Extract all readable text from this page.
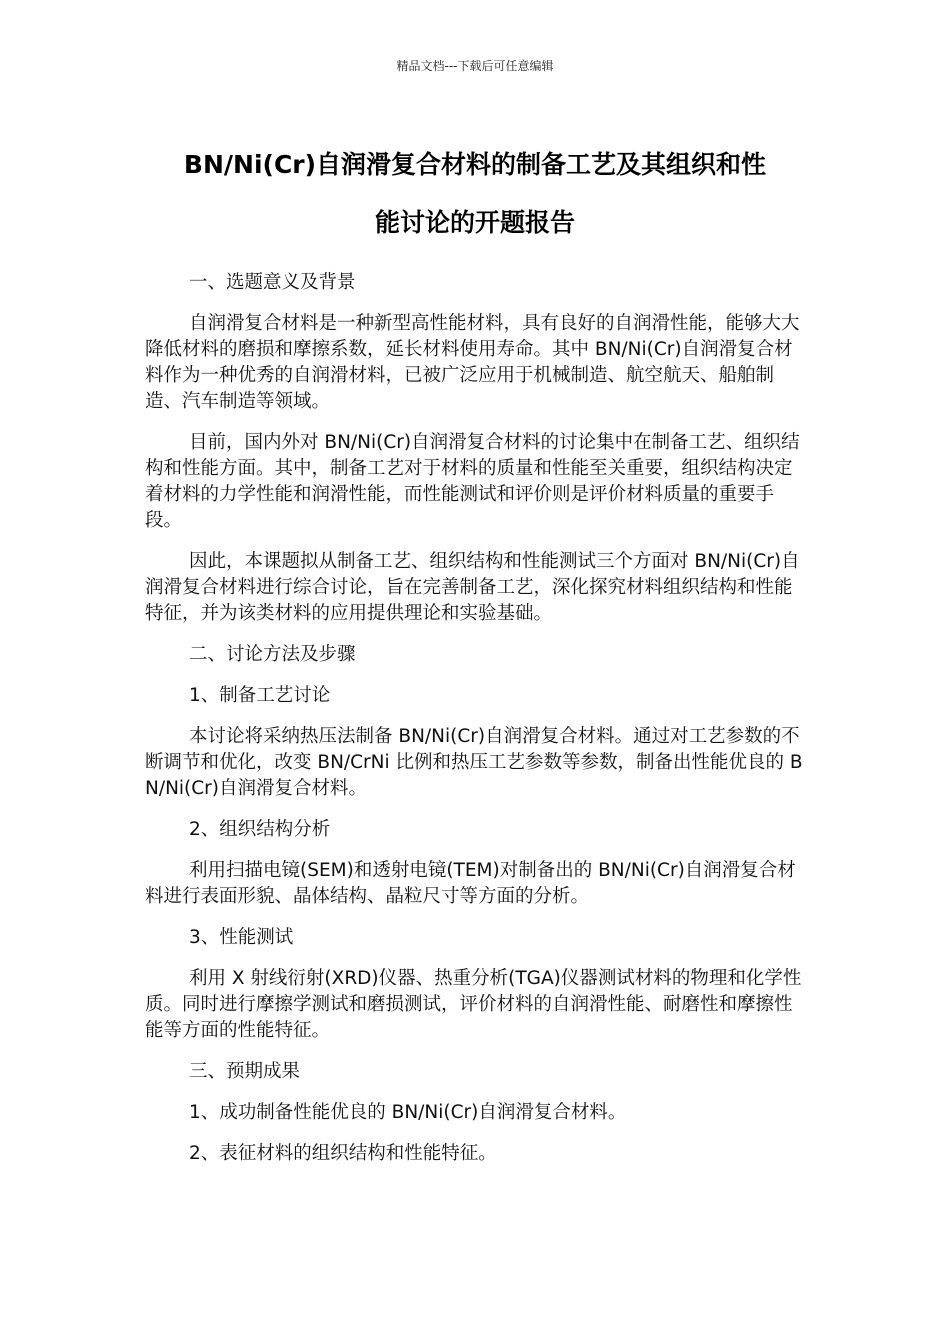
精品文档---下载后可任意编辑
BN/Ni(Cr)自润滑复合材料的制备工艺及其组织和性
能讨论的开题报告

一、选题意义及背景

自润滑复合材料是一种新型高性能材料，具有良好的自润滑性能，能够大大降低材料的磨损和摩擦系数，延长材料使用寿命。其中 BN/Ni(Cr)自润滑复合材料作为一种优秀的自润滑材料，已被广泛应用于机械制造、航空航天、船舶制造、汽车制造等领域。

目前，国内外对 BN/Ni(Cr)自润滑复合材料的讨论集中在制备工艺、组织结构和性能方面。其中，制备工艺对于材料的质量和性能至关重要，组织结构决定着材料的力学性能和润滑性能，而性能测试和评价则是评价材料质量的重要手段。

因此，本课题拟从制备工艺、组织结构和性能测试三个方面对 BN/Ni(Cr)自润滑复合材料进行综合讨论，旨在完善制备工艺，深化探究材料组织结构和性能特征，并为该类材料的应用提供理论和实验基础。

二、讨论方法及步骤

1、制备工艺讨论

本讨论将采纳热压法制备 BN/Ni(Cr)自润滑复合材料。通过对工艺参数的不断调节和优化，改变 BN/CrNi 比例和热压工艺参数等参数，制备出性能优良的 BN/Ni(Cr)自润滑复合材料。

2、组织结构分析

利用扫描电镜(SEM)和透射电镜(TEM)对制备出的 BN/Ni(Cr)自润滑复合材料进行表面形貌、晶体结构、晶粒尺寸等方面的分析。

3、性能测试

利用 X 射线衍射(XRD)仪器、热重分析(TGA)仪器测试材料的物理和化学性质。同时进行摩擦学测试和磨损测试，评价材料的自润滑性能、耐磨性和摩擦性能等方面的性能特征。

三、预期成果

1、成功制备性能优良的 BN/Ni(Cr)自润滑复合材料。

2、表征材料的组织结构和性能特征。
